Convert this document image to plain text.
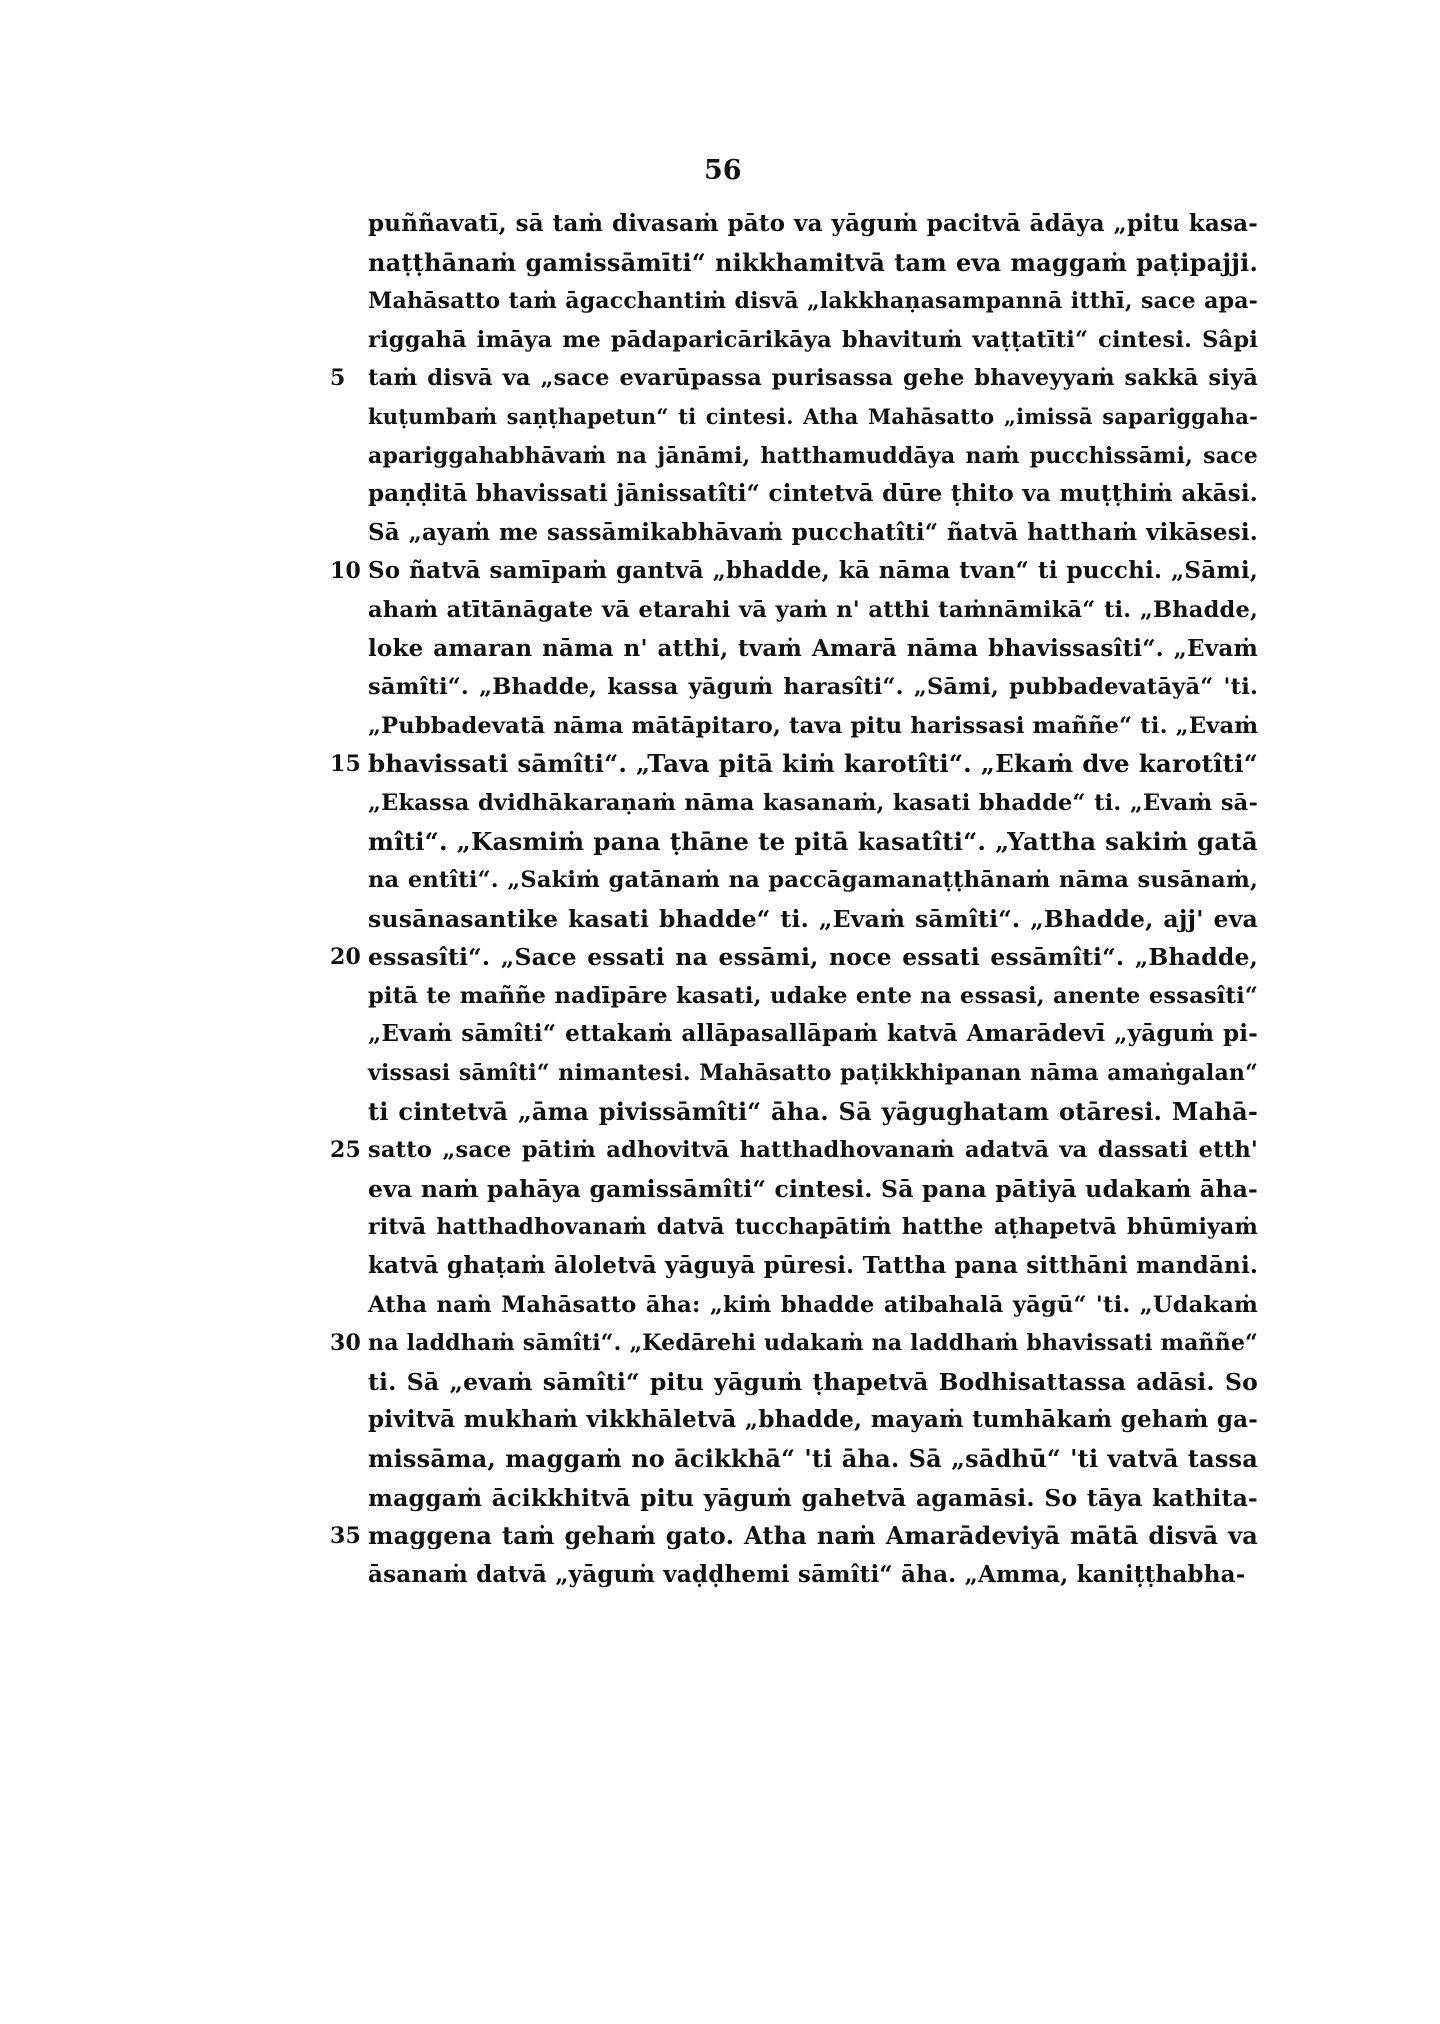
56
puññavatī, sā taṁ divasaṁ pāto va yāguṁ pacitvā ādāya „pitu kasa-
naṭṭhānaṁ gamissāmīti“ nikkhamitvā tam eva maggaṁ paṭipajji.
Mahāsatto taṁ āgacchantiṁ disvā „lakkhaṇasampannā itthī, sace apa-
riggahā imāya me pādaparicārikāya bhavituṁ vaṭṭatīti“ cintesi. Sâpi
5 taṁ disvā va „sace evarūpassa purisassa gehe bhaveyyaṁ sakkā siyā
kuṭumbaṁ saṇṭhapetun“ ti cintesi. Atha Mahāsatto „imissā sapariggaha-
apariggahabhāvaṁ na jānāmi, hatthamuddāya naṁ pucchissāmi, sace
paṇḍitā bhavissati jānissatîti“ cintetvā dūre ṭhito va muṭṭhiṁ akāsi.
Sā „ayaṁ me sassāmikabhāvaṁ pucchatîti“ ñatvā hatthaṁ vikāsesi.
10 So ñatvā samīpaṁ gantvā „bhadde, kā nāma tvan“ ti pucchi. „Sāmi,
ahaṁ atītānāgate vā etarahi vā yaṁ n' atthi taṁnāmikā“ ti. „Bhadde,
loke amaran nāma n' atthi, tvaṁ Amarā nāma bhavissasîti“. „Evaṁ
sāmîti“. „Bhadde, kassa yāguṁ harasîti“. „Sāmi, pubbadevatāyā“ 'ti.
„Pubbadevatā nāma mātāpitaro, tava pitu harissasi maññe“ ti. „Evaṁ
15 bhavissati sāmîti“. „Tava pitā kiṁ karotîti“. „Ekaṁ dve karotîti“
„Ekassa dvidhākaraṇaṁ nāma kasanaṁ, kasati bhadde“ ti. „Evaṁ sā-
mîti“. „Kasmiṁ pana ṭhāne te pitā kasatîti“. „Yattha sakiṁ gatā
na entîti“. „Sakiṁ gatānaṁ na paccāgamanaṭṭhānaṁ nāma susānaṁ,
susānasantike kasati bhadde“ ti. „Evaṁ sāmîti“. „Bhadde, ajj' eva
20 essasîti“. „Sace essati na essāmi, noce essati essāmîti“. „Bhadde,
pitā te maññe nadīpāre kasati, udake ente na essasi, anente essasîti“
„Evaṁ sāmîti“ ettakaṁ allāpasallāpaṁ katvā Amarādevī „yāguṁ pi-
vissasi sāmîti“ nimantesi. Mahāsatto paṭikkhipanan nāma amaṅgalan“
ti cintetvā „āma pivissāmîti“ āha. Sā yāgughatam otāresi. Mahā-
25 satto „sace pātiṁ adhovitvā hatthadhovanaṁ adatvā va dassati etth'
eva naṁ pahāya gamissāmîti“ cintesi. Sā pana pātiyā udakaṁ āha-
ritvā hatthadhovanaṁ datvā tucchapātiṁ hatthe aṭhapetvā bhūmiyaṁ
katvā ghaṭaṁ āloletvā yāguyā pūresi. Tattha pana sitthāni mandāni.
Atha naṁ Mahāsatto āha: „kiṁ bhadde atibahalā yāgū“ 'ti. „Udakaṁ
30 na laddhaṁ sāmîti“. „Kedārehi udakaṁ na laddhaṁ bhavissati maññe“
ti. Sā „evaṁ sāmîti“ pitu yāguṁ ṭhapetvā Bodhisattassa adāsi. So
pivitvā mukhaṁ vikkhāletvā „bhadde, mayaṁ tumhākaṁ gehaṁ ga-
missāma, maggaṁ no ācikkhā“ 'ti āha. Sā „sādhū“ 'ti vatvā tassa
maggaṁ ācikkhitvā pitu yāguṁ gahetvā agamāsi. So tāya kathita-
35 maggena taṁ gehaṁ gato. Atha naṁ Amarādeviyā mātā disvā va
āsanaṁ datvā „yāguṁ vaḍḍhemi sāmîti“ āha. „Amma, kaniṭṭhabha-
